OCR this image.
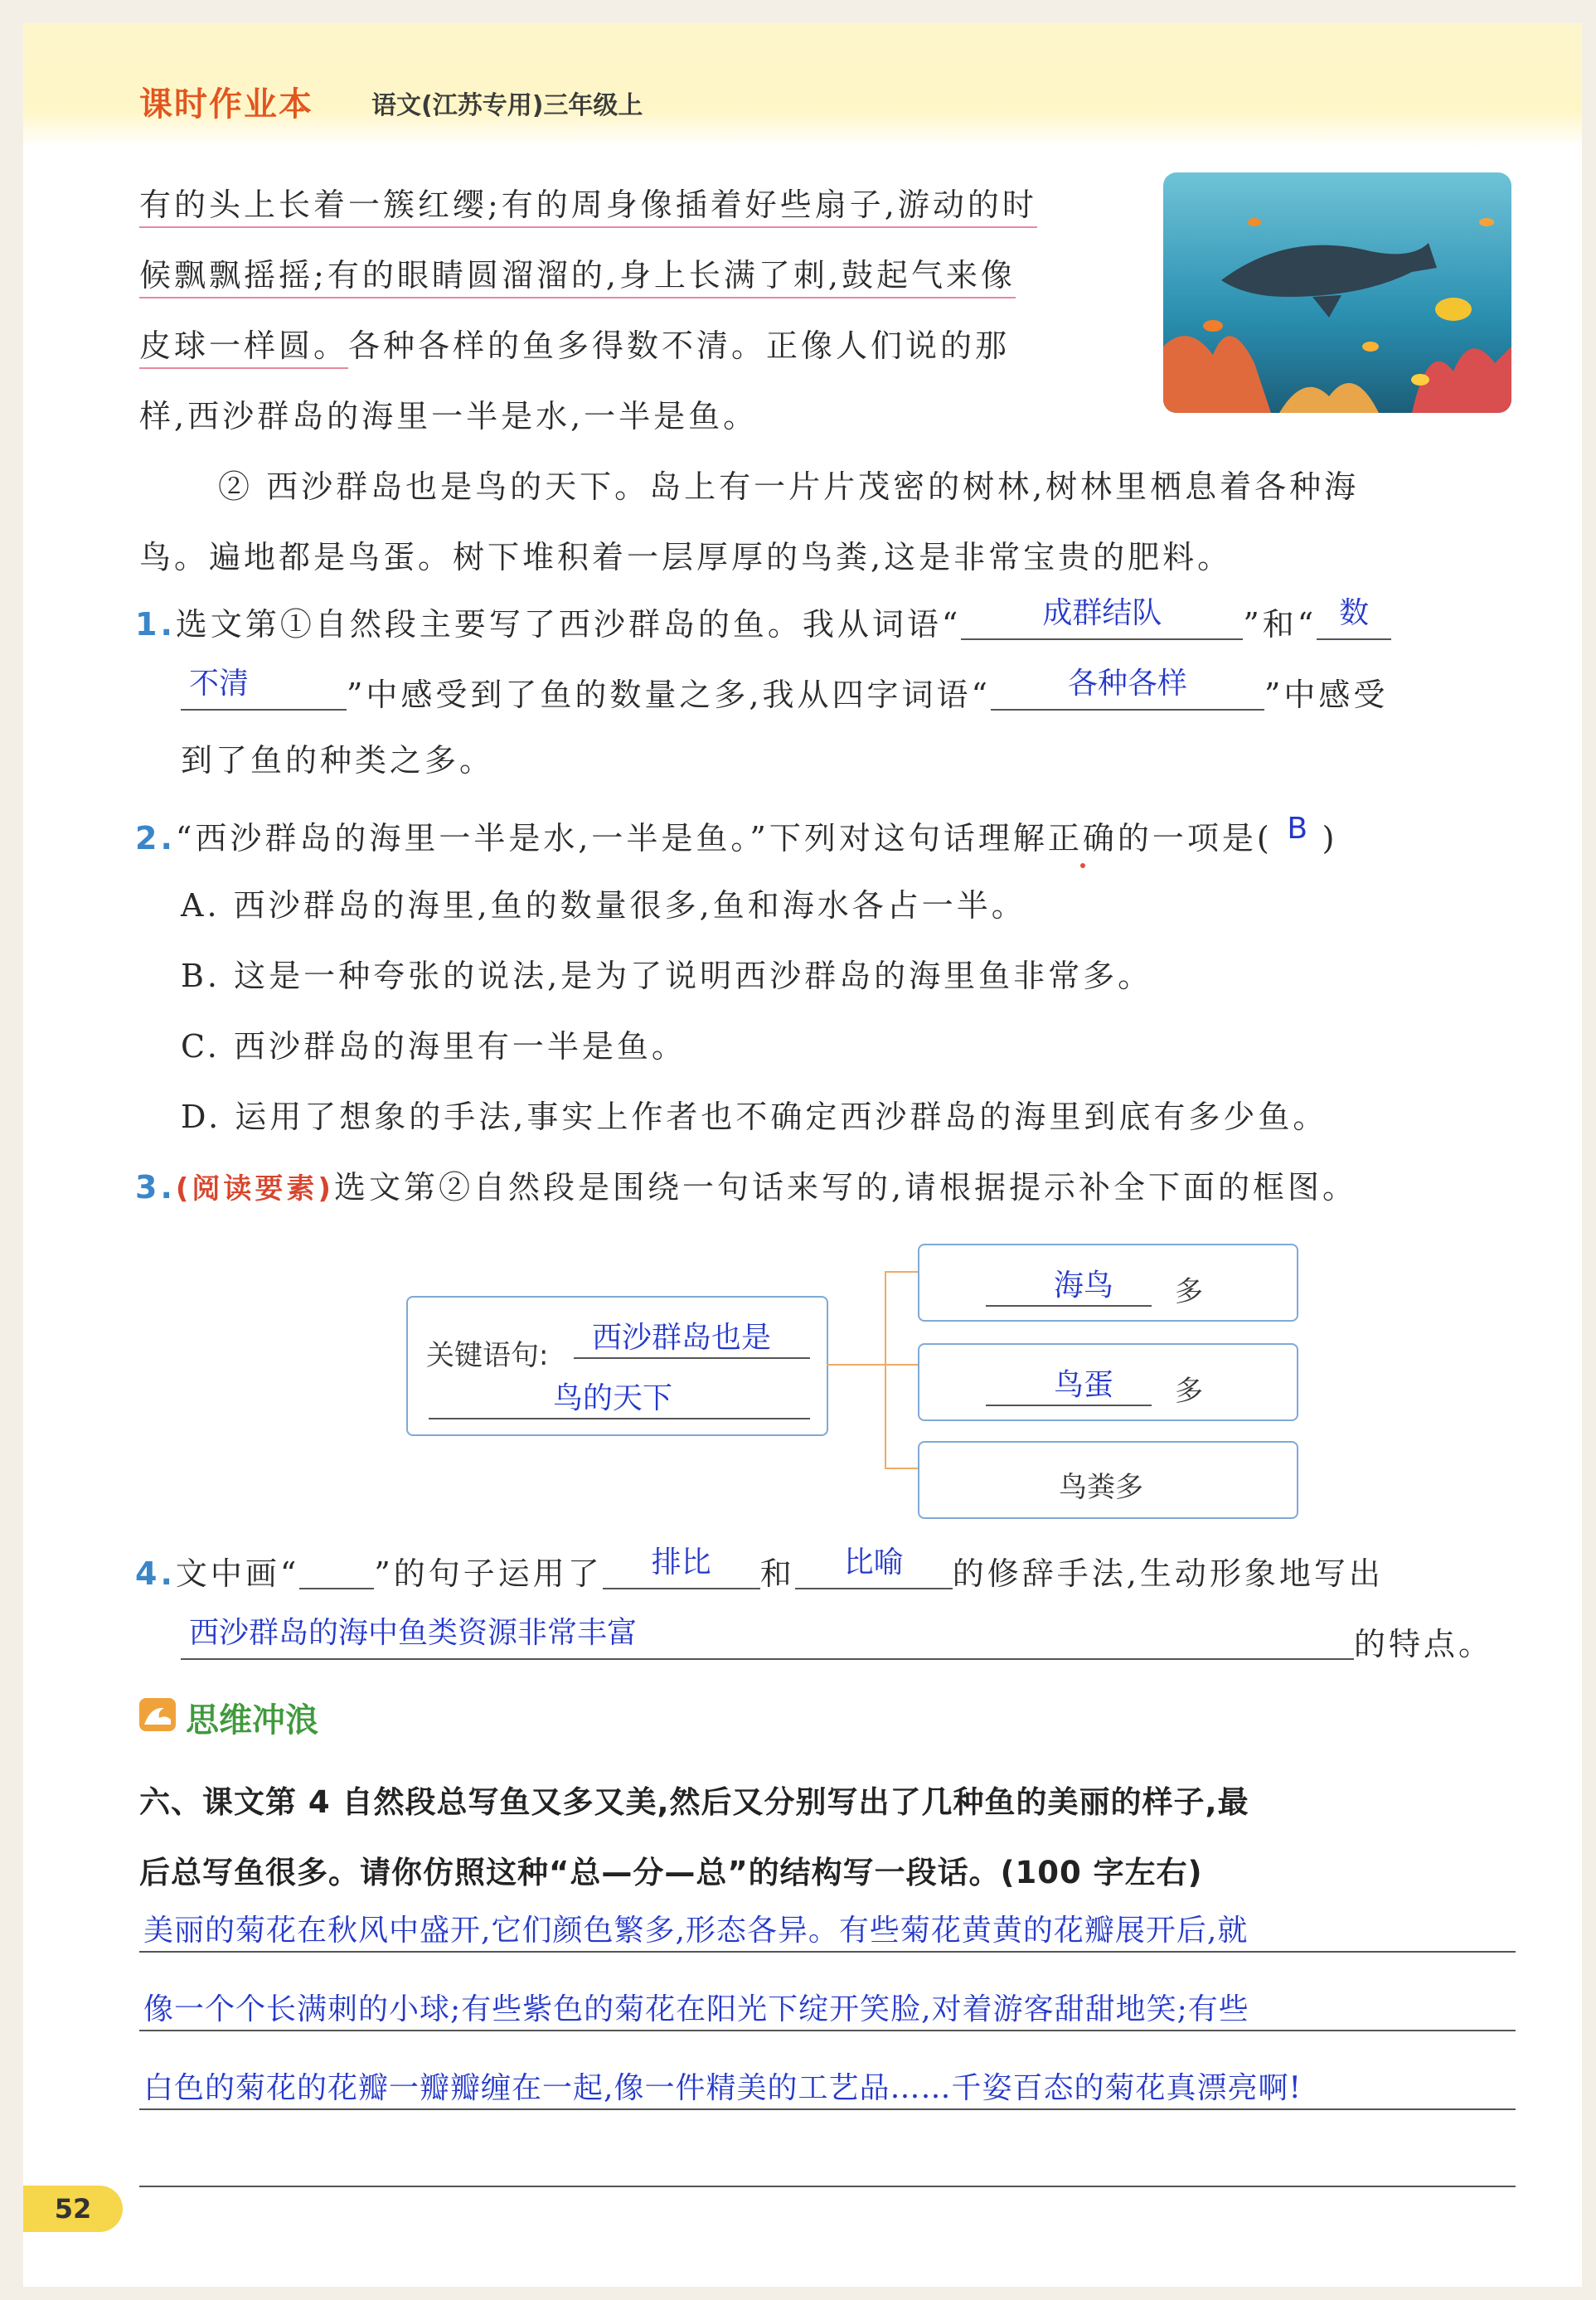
课时作业本 语文(江苏专用)三年级上
有的头上长着一簇红缨;有的周身像插着好些扇子,游动的时
候飘飘摇摇;有的眼睛圆溜溜的,身上长满了刺,鼓起气来像
皮球一样圆。各种各样的鱼多得数不清。正像人们说的那
样,西沙群岛的海里一半是水,一半是鱼。
② 西沙群岛也是鸟的天下。岛上有一片片茂密的树林,树林里栖息着各种海
鸟。遍地都是鸟蛋。树下堆积着一层厚厚的鸟粪,这是非常宝贵的肥料。
1.选文第①自然段主要写了西沙群岛的鱼。我从词语“	成群结队	”和“ 数
不清	”中感受到了鱼的数量之多,我从四字词语“	各种各样	”中感受
到了鱼的种类之多。
2.“西沙群岛的海里一半是水,一半是鱼。”下列对这句话理解正确的一项是( B )
A. 西沙群岛的海里,鱼的数量很多,鱼和海水各占一半。
B. 这是一种夸张的说法,是为了说明西沙群岛的海里鱼非常多。
C. 西沙群岛的海里有一半是鱼。
D. 运用了想象的手法,事实上作者也不确定西沙群岛的海里到底有多少鱼。
3.(阅读要素)选文第②自然段是围绕一句话来写的,请根据提示补全下面的框图。
关键语句:
西沙群岛也是
鸟的天下
海鸟 多
鸟蛋 多
鸟粪多
4.文中画“ ”的句子运用了	排比	和	比喻	的修辞手法,生动形象地写出
西沙群岛的海中鱼类资源非常丰富	的特点。
思维冲浪
六、课文第 4 自然段总写鱼又多又美,然后又分别写出了几种鱼的美丽的样子,最
后总写鱼很多。请你仿照这种“总—分—总”的结构写一段话。(100 字左右)
美丽的菊花在秋风中盛开,它们颜色繁多,形态各异。有些菊花黄黄的花瓣展开后,就
像一个个长满刺的小球;有些紫色的菊花在阳光下绽开笑脸,对着游客甜甜地笑;有些
白色的菊花的花瓣一瓣瓣缠在一起,像一件精美的工艺品……千姿百态的菊花真漂亮啊!
52
